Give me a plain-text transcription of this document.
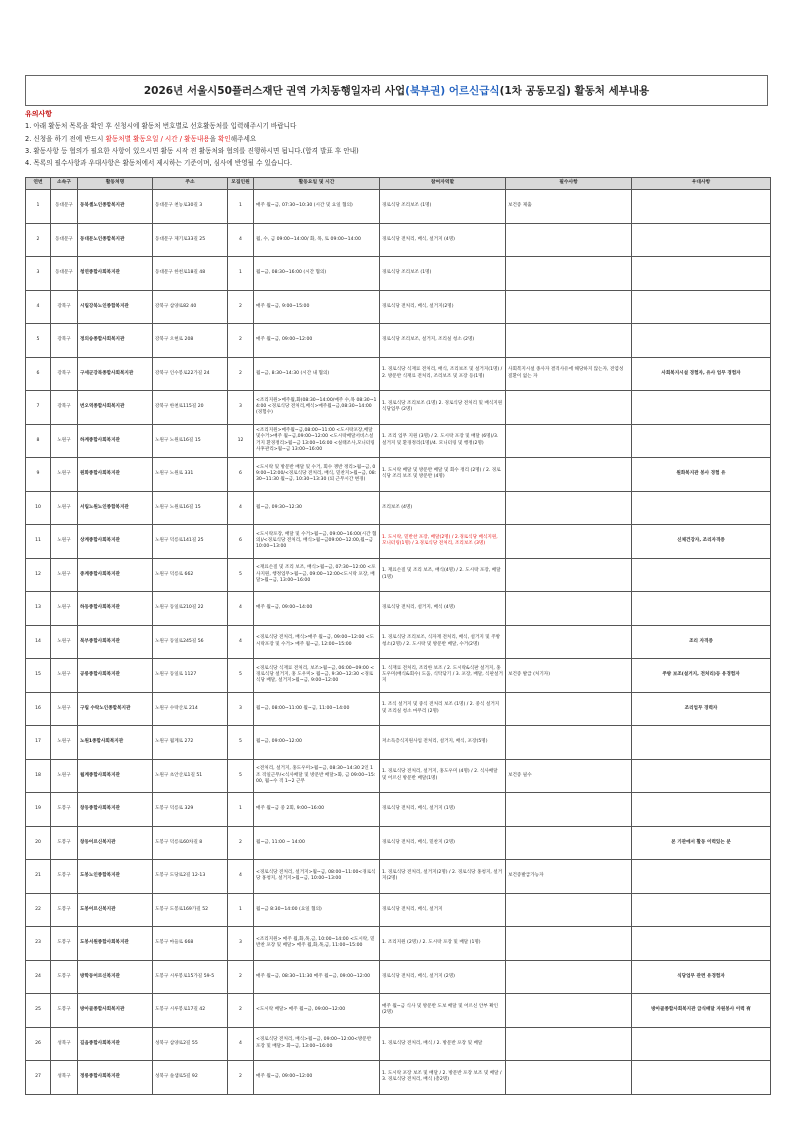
2026년 서울시50플러스재단 권역 가치동행일자리 사업 (북부권) 어르신급식 (1차 공동모집) 활동처 세부내용
유의사항
1. 아래 활동처 목록을 확인 후 신청시에 활동처 번호별로 선호활동처를 입력해주시기 바랍니다
2. 신청을 하기 전에 반드시 활동처별 활동요일 / 시간 / 활동내용을 확인해주세요
3. 활동사항 등 협의가 필요한 사항이 있으시면 활동 시작 전 활동처와 협의를 진행하시면 됩니다.(합격 발표 후 안내)
4. 목록의 필수사항과 우대사항은 활동처에서 제시하는 기준이며, 심사에 반영될 수 있습니다.
연번	소속구	활동처명	주소	모집인원	활동요일 및 시간	참여자역할	필수사항	우대사항
1	동대문구	동북셸노인종합복지관	동대문구 천농로30길 3	1	매주 월~금, 07:30~10:30 (시간 및 요일 협의)	경로식당 조리보조 (1명)	보건증 제출	
2	동대문구	동대문노인종합복지관	동대문구 제기로33길 25	4	월, 수, 금 09:00~14:00/ 화, 목, 토 09:00~14:00	경로식당 전처리, 배식, 설거지 (4명)		
3	동대문구	청연종합사회복지관	동대문구 한천로18길 48	1	월~금, 08:30~16:00 (시간 협의)	경로식당 조리보조 (1명)		
4	강북구	시립강북노인종합복지관	강북구 삼양로82 40	2	매주 월~금, 9:00~15:00	경로식당 전처리, 배식, 설거지(2명)		
5	강북구	정의송종합사회복지관	강북구 오현로 208	2	매주 월~금, 09:00~12:00	경로식당 조리보조, 설거지, 조리실 청소 (2명)		
6	강북구	구세군강북종합사회복지관	강북구 인수봉로22가길 24	2	월~금, 8:30~14:30 (시간 내 협의)	1. 경로식당 식재료 전처리, 배식, 조리보조 및 설거지(1명) / 2. 방문반 식재료 전처리, 조리보조 및 포장 등(1명)	사회복지시설 종사자 결격사유에 해당하지 않는자, 전염성 질환이 없는 자	사회복지시설 경험자, 유사 업무 경험자
7	강북구	번오역종합사회복지관	강북구 한천로115길 20	3	<조리지원>매주월,화(08:30~14:00/매주 수,목 08:30~14:00 <경로식당 전처리,배식>매주월~금,08:30~14:00(경험수)	1. 경로식당 조리보조 (1명) 2. 경로식당 전처리 및 배식지원 식당업무 (2명)		
8	노원구	하계종합사회복지관	노원구 노원로16길 15	12	<조리지원>매주월~금,08:00~11:00 <도시락포장,배달및수거>매주 월~금,09:00~12:00 <도시락배달서비스설거지 환경정리>월~금 13:00~16:00 <실태조사,모니터링사후관리>월~금 13:00~16:00	1. 조리 업무 지원 (3명) / 2. 도시락 포장 및 배달 (6명)/3. 설거지 및 환경정리(1명)/4. 모니터링 및 행정(2명)		
9	노원구	원화종합사회복지관	노원구 노원로 331	6	<도시락 및 방문반 배달 및 수거, 회수 쟁반 정리>월~금, 09:00~12:00/<경로식당 전처리, 배식, 밑찬지>월~금, 08:30~11:30 월~금, 10:30~13:30 (퇴 근무시간 변경)	1. 도시락 배달 및 방문반 배달 및 회수 정리 (2명) / 2. 경로식당 조리 보조 및 방문반 (4명)		원화복지관 봉사 경험 유
10	노원구	서립노원노인종합복지관	노원구 노원로16길 15	4	월~금, 09:30~12:30	조리보조 (4명)		
11	노원구	상계종합사회복지관	노원구 덕릉로141길 25	6	<도시락포장, 배달 및 수거>월~금, 09:00~16:00(시간 협의)/<경로식당 전처리, 배식>월~금09:00~12:00,월~금 10:00~13:00	1. 도시락, 밑반찬 포장, 배달(2명) / 2.경로식당 배식지원, 모니터링(1명) / 3.경로식당 전처리, 조리보조 (3명)		신체건강자, 조리자격증
12	노원구	중계종합사회복지관	노원구 덕릉로 662	5	<재료손질 및 조리 보조, 배식>월~금, 07:30~12:00 <포사지원, 행정업무>월~금, 09:00~12:00<도시락 포장, 배달>월~금, 13:00~16:00	1. 재료손질 및 조리 보조, 배식(4명) / 2. 도시락 포장, 배달 (1명)		
13	노원구	하동종합사회복지관	노원구 동일로210길 22	4	매주 월~금, 09:00~14:00	경로식당 전처리, 설거지, 배식 (4명)		
14	노원구	북부종합사회복지관	노원구 동일로245길 56	4	<경로식당 전처리, 배식>매주 월~금, 09:00~12:00 <도시락포장 및 수거> 매주 월~금, 12:00~15:00	1. 경로식당 조리보조, 식자재 전처리, 배식, 설거지 및 주방 청소(2명) / 2. 도시락 및 방문반 배달, 수거(2명)		조리 자격증
15	노원구	공릉종합사회복지관	노원구 동일로 1127	5	<경로식당 식재료 전처리, 보조>월~금, 06:00~09:00 <경로식당 설거지, 홍 도우미> 월~금, 9:30~12:30 <경로식당 배달, 설거지>월~금, 9:00~12:00	1. 식재료 전처리, 조리한 보조 / 2. 도시락&식판 설거지, 홍도우미(배식&회수) 도움, 식탁닦기 / 3. 포장, 배달, 식판설거지	보건증 발급 (처기자)	주방 보조(설거지, 전처리)등 유경험자
16	노원구	구립 수락노인종합복지관	노원구 수락산로 214	3	월~금, 08:00~11:00 월~금, 11:00~14:00	1. 조식 설거지 및 중식 전처리 보조 (1명) / 2. 중식 설거지 및 조리실 청소 마무리 (2명)		조리업무 경력자
17	노원구	노원1종합사회복지관	노원구 월계로 272	5	월~금, 09:00~12:00	저소득층식지원사업 전처리, 설거지, 배식, 포장(5명)		
18	노원구	월계종합사회복지관	노원구 초안산로1길 51	5	<전처리, 설거지, 홍도우미>월~금, 08:30~14:30 2인 1조 격일근무/<식사배달 및 방문반 배달>화, 금 09:00~15:00, 월~수 격 1~2 근무	1. 경로식당 전처리, 설거지, 홍도우미 (4명) / 2. 식사배달 및 어르신 방문반 배달(1명)	보건증 필수	
19	도봉구	창동종합사회복지관	도봉구 덕릉로 329	1	매주 월~금 중 2회, 9:00~16:00	경로식당 전처리, 배식, 설거지 (1명)		
20	도봉구	창동어르신복지관	도봉구 덕릉로60차길 8	2	월~금, 11:00 ~ 14:00	경로식당 전처리, 배식, 밑찬지 (2명)		본 기관에서 활동 이력있는 분
21	도봉구	도봉노인종합복지관	도봉구 도당로2길 12-13	4	<경로식당 전처리, 설거지>월~금, 08:00~11:00<경로식당 홍청지, 설거지>월~금, 10:00~13:00	1. 경로식당 전처리, 설거지(2명) / 2. 경로식당 홍청지, 설거지(2명)	보건증발급가능자	
22	도봉구	도봉어르신복지관	도봉구 도봉로169가길 52	1	월~금 8:30~14:00 (요일 협의)	경로식당 전처리, 배식, 설거지		
23	도봉구	도봉서원종합사회복지관	도봉구 마들로 668	3	<조리지원> 매주 월,화,목,금, 10:00~14:00 <도시락, 밑반찬 포장 및 배달> 매주 월,화,목,금, 11:00~15:00	1. 조리지원 (2명) / 2. 도시락 포장 및 배달 (1명)		
24	도봉구	방학동어르신복지관	도봉구 시루봉로15가길 59-5	2	매주 월~금, 08:30~11:30 매주 월~금, 09:00~12:00	경로식당 전처리, 배식, 설거지 (2명)		식당업무 관련 유경험자
25	도봉구	방아골종합사회복지관	도봉구 시루봉로17길 42	2	<도시락 배달> 매주 월~금, 09:00~12:00	매주 월~금 식사 및 방문반 도보 배달 및 어르신 안부 확인 (2명)		방아골종합사회복지관 급식배달 자원봉사 이력 有
26	성북구	길음종합사회복지관	성북구 삼양로2길 55	4	<경로식당 전처리, 배식>월~금, 09:00~12:00<방문반 포장 및 배달> 화~금, 13:00~16:00	1. 경로식당 전처리, 배식 / 2. 방문반 포장 및 배달		
27	성북구	정릉종합사회복지관	성북구 솔샘로5길 92	2	매주 월~금, 09:00~12:00	1. 도시락 포장 보조 및 배달 / 2. 방문반 포장 보조 및 배달 / 3. 경로식당 전처리, 배식 (총2명)		
